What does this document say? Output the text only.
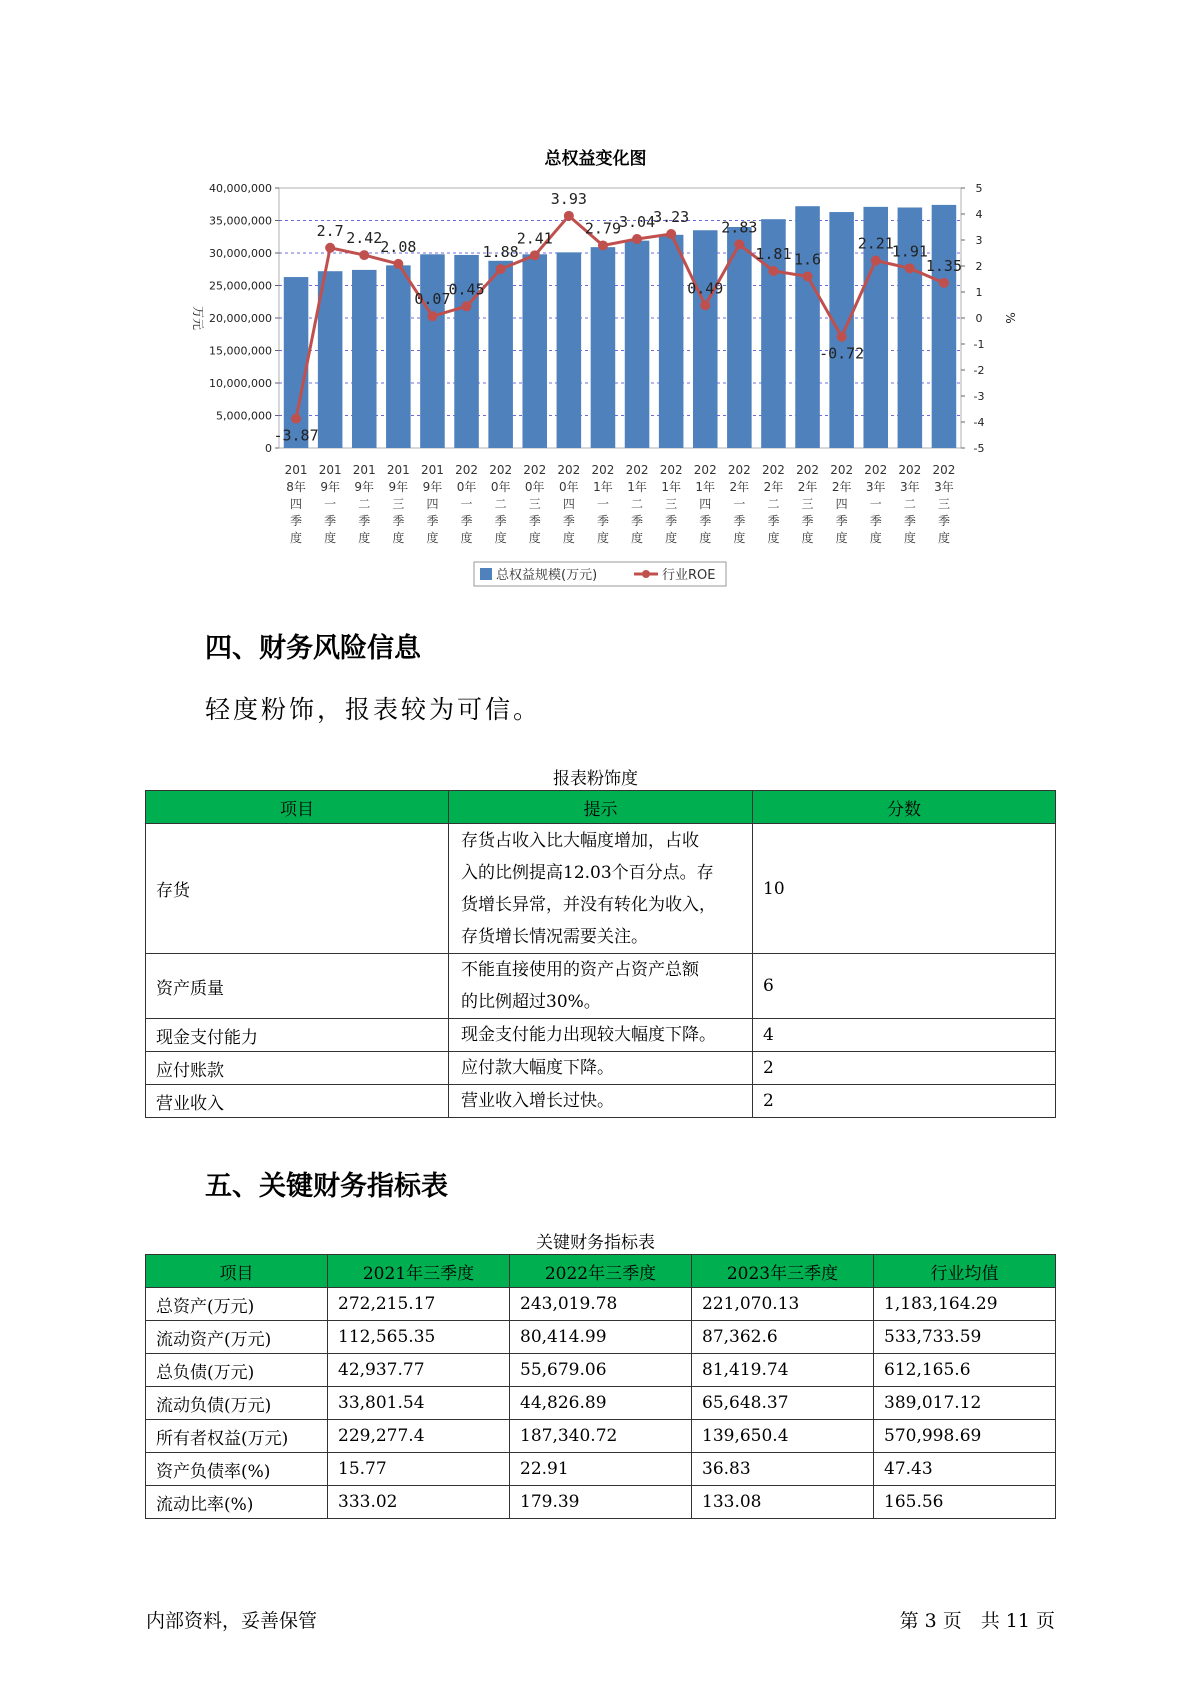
总权益变化图
0
5,000,000
10,000,000
15,000,000
20,000,000
25,000,000
30,000,000
35,000,000
40,000,000
-5
-4
-3
-2
-1
0
1
2
3
4
5
万元	%
201 8年四季度
201 9年一季度
201 9年二季度
201 9年三季度
201 9年四季度
202 0年一季度
202 0年二季度
202 0年三季度
202 0年四季度
202 1年一季度
202 1年二季度
202 1年三季度
202 1年四季度
202 2年一季度
202 2年二季度
202 2年三季度
202 2年四季度
202 3年一季度
202 3年二季度
202 3年三季度
-3.87
2.7 2.42
2.08
0.07
0.45
1.88
2.41
3.93
2.79
3.04
3.23
0.49
2.83
1.81 1.6
-0.72
2.21
1.91
1.35
总权益规模(万元)	行业ROE
四、财务风险信息
轻度粉饰，报表较为可信。
报表粉饰度
项目	提示	分数
存货	存货占收入比大幅度增加，占收
入的比例提高12.03个百分点。存
货增长异常，并没有转化为收入，
存货增长情况需要关注。	10
资产质量	不能直接使用的资产占资产总额
的比例超过30%。	6
现金支付能力	现金支付能力出现较大幅度下降。	4
应付账款	应付款大幅度下降。	2
营业收入	营业收入增长过快。	2
五、关键财务指标表
关键财务指标表
项目	2021年三季度	2022年三季度	2023年三季度	行业均值
总资产(万元)	272,215.17	243,019.78	221,070.13	1,183,164.29
流动资产(万元)	112,565.35	80,414.99	87,362.6	533,733.59
总负债(万元)	42,937.77	55,679.06	81,419.74	612,165.6
流动负债(万元)	33,801.54	44,826.89	65,648.37	389,017.12
所有者权益(万元)	229,277.4	187,340.72	139,650.4	570,998.69
资产负债率(%)	15.77	22.91	36.83	47.43
流动比率(%)	333.02	179.39	133.08	165.56
内部资料，妥善保管	第 3 页　共 11 页
